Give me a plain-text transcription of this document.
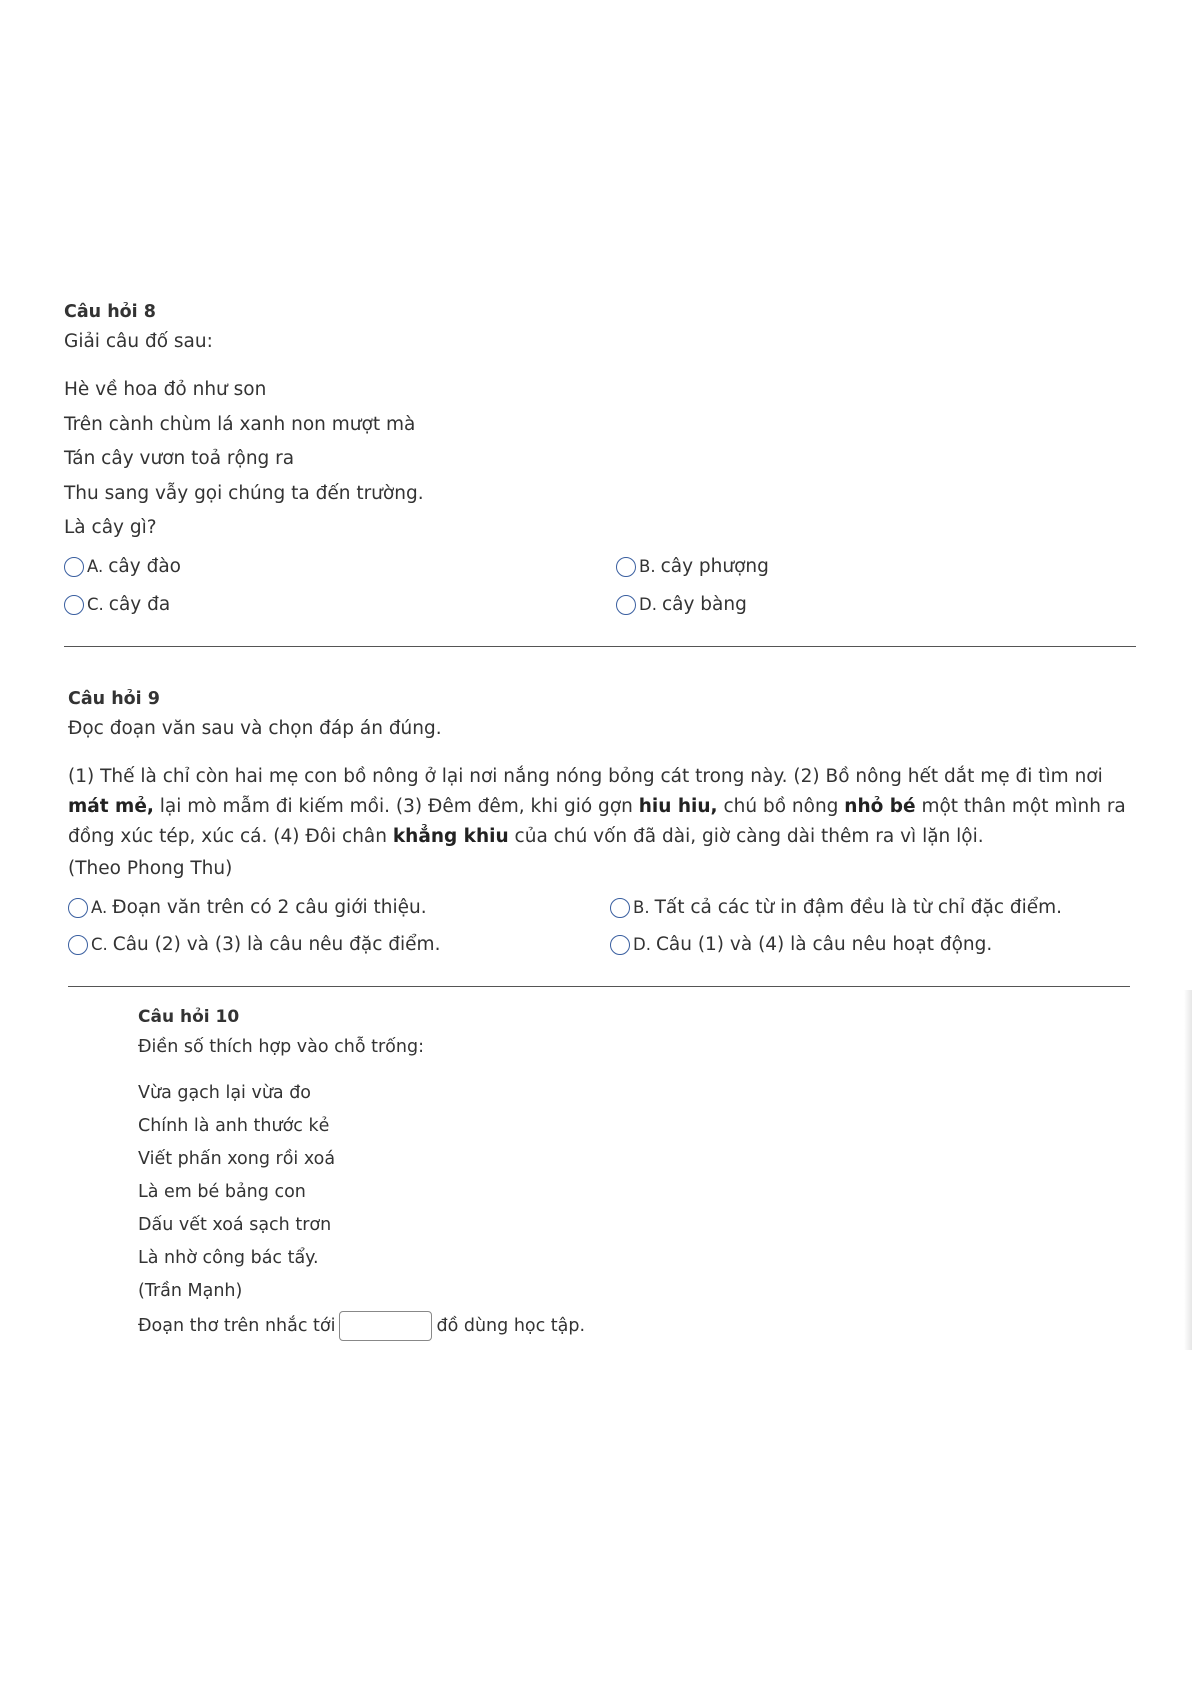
Câu hỏi 8
Giải câu đố sau:
Hè về hoa đỏ như son
Trên cành chùm lá xanh non mượt mà
Tán cây vươn toả rộng ra
Thu sang vẫy gọi chúng ta đến trường.
Là cây gì?
A. cây đào	B. cây phượng
C. cây đa	D. cây bàng
Câu hỏi 9
Đọc đoạn văn sau và chọn đáp án đúng.
(1) Thế là chỉ còn hai mẹ con bồ nông ở lại nơi nắng nóng bỏng cát trong này. (2) Bồ nông hết dắt mẹ đi tìm nơi mát mẻ, lại mò mẫm đi kiếm mồi. (3) Đêm đêm, khi gió gợn hiu hiu, chú bồ nông nhỏ bé một thân một mình ra đồng xúc tép, xúc cá. (4) Đôi chân khẳng khiu của chú vốn đã dài, giờ càng dài thêm ra vì lặn lội.
(Theo Phong Thu)
A. Đoạn văn trên có 2 câu giới thiệu.	B. Tất cả các từ in đậm đều là từ chỉ đặc điểm.
C. Câu (2) và (3) là câu nêu đặc điểm.	D. Câu (1) và (4) là câu nêu hoạt động.
Câu hỏi 10
Điền số thích hợp vào chỗ trống:
Vừa gạch lại vừa đo
Chính là anh thước kẻ
Viết phấn xong rồi xoá
Là em bé bảng con
Dấu vết xoá sạch trơn
Là nhờ công bác tẩy.
(Trần Mạnh)
Đoạn thơ trên nhắc tới	đồ dùng học tập.
